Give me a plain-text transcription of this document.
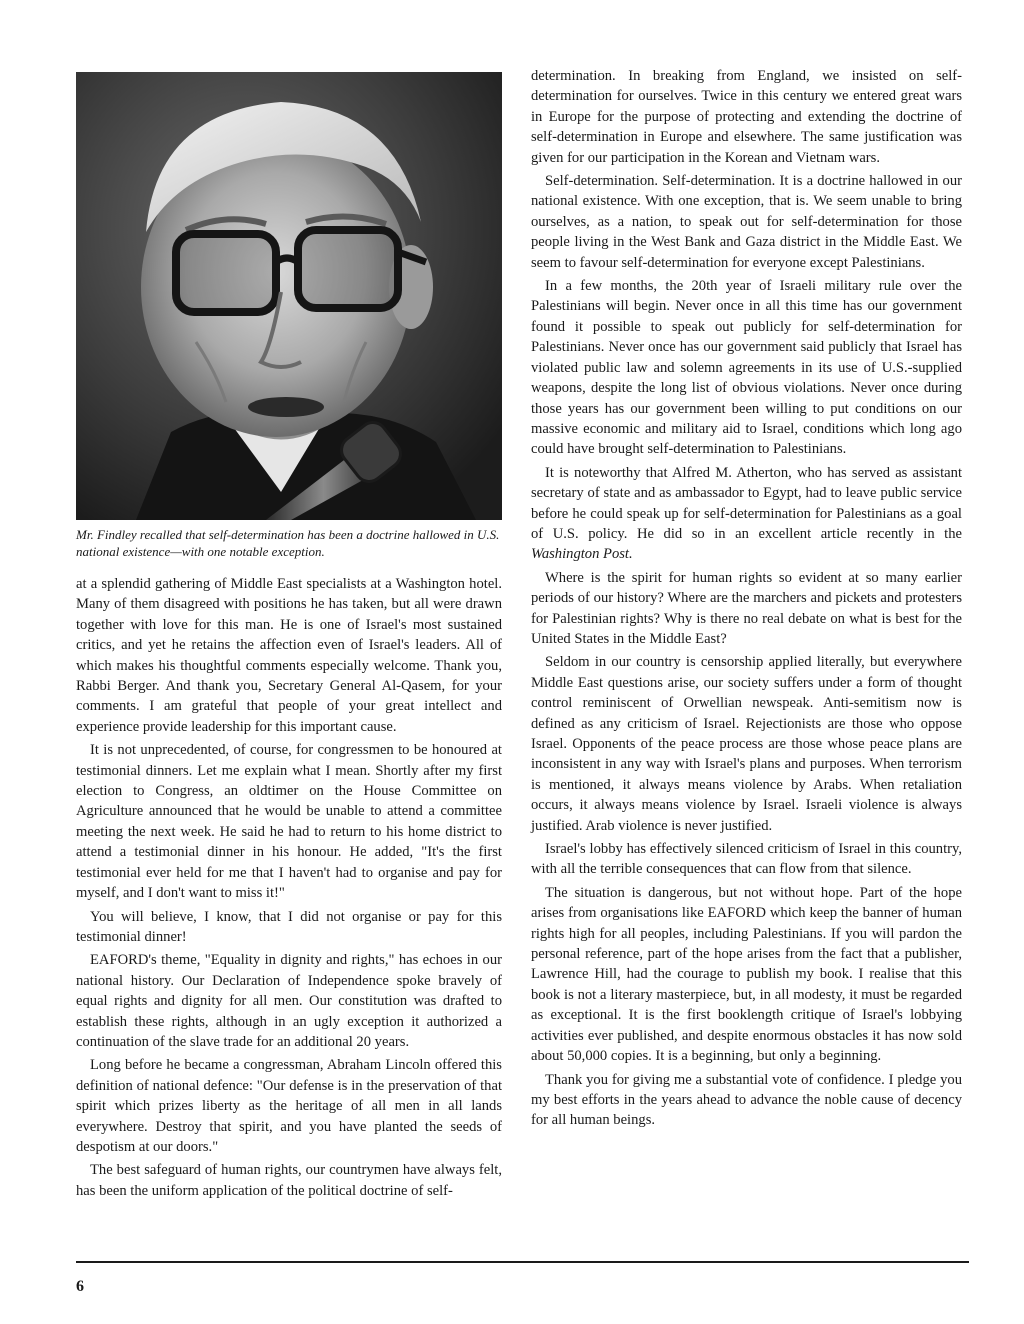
Mr. Findley recalled that self-determination has been a doctrine hallowed in U.S. national existence—with one notable exception.

at a splendid gathering of Middle East specialists at a Washington hotel. Many of them disagreed with positions he has taken, but all were drawn together with love for this man. He is one of Israel's most sustained critics, and yet he retains the affection even of Israel's leaders. All of which makes his thoughtful comments especially welcome. Thank you, Rabbi Berger. And thank you, Secretary General Al-Qasem, for your comments. I am grateful that people of your great intellect and experience provide leadership for this important cause.

It is not unprecedented, of course, for congressmen to be honoured at testimonial dinners. Let me explain what I mean. Shortly after my first election to Congress, an oldtimer on the House Committee on Agriculture announced that he would be unable to attend a committee meeting the next week. He said he had to return to his home district to attend a testimonial dinner in his honour. He added, "It's the first testimonial ever held for me that I haven't had to organise and pay for myself, and I don't want to miss it!"

You will believe, I know, that I did not organise or pay for this testimonial dinner!

EAFORD's theme, "Equality in dignity and rights," has echoes in our national history. Our Declaration of Independence spoke bravely of equal rights and dignity for all men. Our constitution was drafted to establish these rights, although in an ugly exception it authorized a continuation of the slave trade for an additional 20 years.

Long before he became a congressman, Abraham Lincoln offered this definition of national defence: "Our defense is in the preservation of that spirit which prizes liberty as the heritage of all men in all lands everywhere. Destroy that spirit, and you have planted the seeds of despotism at our doors."

The best safeguard of human rights, our countrymen have always felt, has been the uniform application of the political doctrine of self-

determination. In breaking from England, we insisted on self-determination for ourselves. Twice in this century we entered great wars in Europe for the purpose of protecting and extending the doctrine of self-determination in Europe and elsewhere. The same justification was given for our participation in the Korean and Vietnam wars.

Self-determination. Self-determination. It is a doctrine hallowed in our national existence. With one exception, that is. We seem unable to bring ourselves, as a nation, to speak out for self-determination for those people living in the West Bank and Gaza district in the Middle East. We seem to favour self-determination for everyone except Palestinians.

In a few months, the 20th year of Israeli military rule over the Palestinians will begin. Never once in all this time has our government found it possible to speak out publicly for self-determination for Palestinians. Never once has our government said publicly that Israel has violated public law and solemn agreements in its use of U.S.-supplied weapons, despite the long list of obvious violations. Never once during those years has our government been willing to put conditions on our massive economic and military aid to Israel, conditions which long ago could have brought self-determination to Palestinians.

It is noteworthy that Alfred M. Atherton, who has served as assistant secretary of state and as ambassador to Egypt, had to leave public service before he could speak up for self-determination for Palestinians as a goal of U.S. policy. He did so in an excellent article recently in the Washington Post.

Where is the spirit for human rights so evident at so many earlier periods of our history? Where are the marchers and pickets and protesters for Palestinian rights? Why is there no real debate on what is best for the United States in the Middle East?

Seldom in our country is censorship applied literally, but everywhere Middle East questions arise, our society suffers under a form of thought control reminiscent of Orwellian newspeak. Anti-semitism now is defined as any criticism of Israel. Rejectionists are those who oppose Israel. Opponents of the peace process are those whose peace plans are inconsistent in any way with Israel's plans and purposes. When terrorism is mentioned, it always means violence by Arabs. When retaliation occurs, it always means violence by Israel. Israeli violence is always justified. Arab violence is never justified.

Israel's lobby has effectively silenced criticism of Israel in this country, with all the terrible consequences that can flow from that silence.

The situation is dangerous, but not without hope. Part of the hope arises from organisations like EAFORD which keep the banner of human rights high for all peoples, including Palestinians. If you will pardon the personal reference, part of the hope arises from the fact that a publisher, Lawrence Hill, had the courage to publish my book. I realise that this book is not a literary masterpiece, but, in all modesty, it must be regarded as exceptional. It is the first booklength critique of Israel's lobbying activities ever published, and despite enormous obstacles it has now sold about 50,000 copies. It is a beginning, but only a beginning.

Thank you for giving me a substantial vote of confidence. I pledge you my best efforts in the years ahead to advance the noble cause of decency for all human beings.

6
